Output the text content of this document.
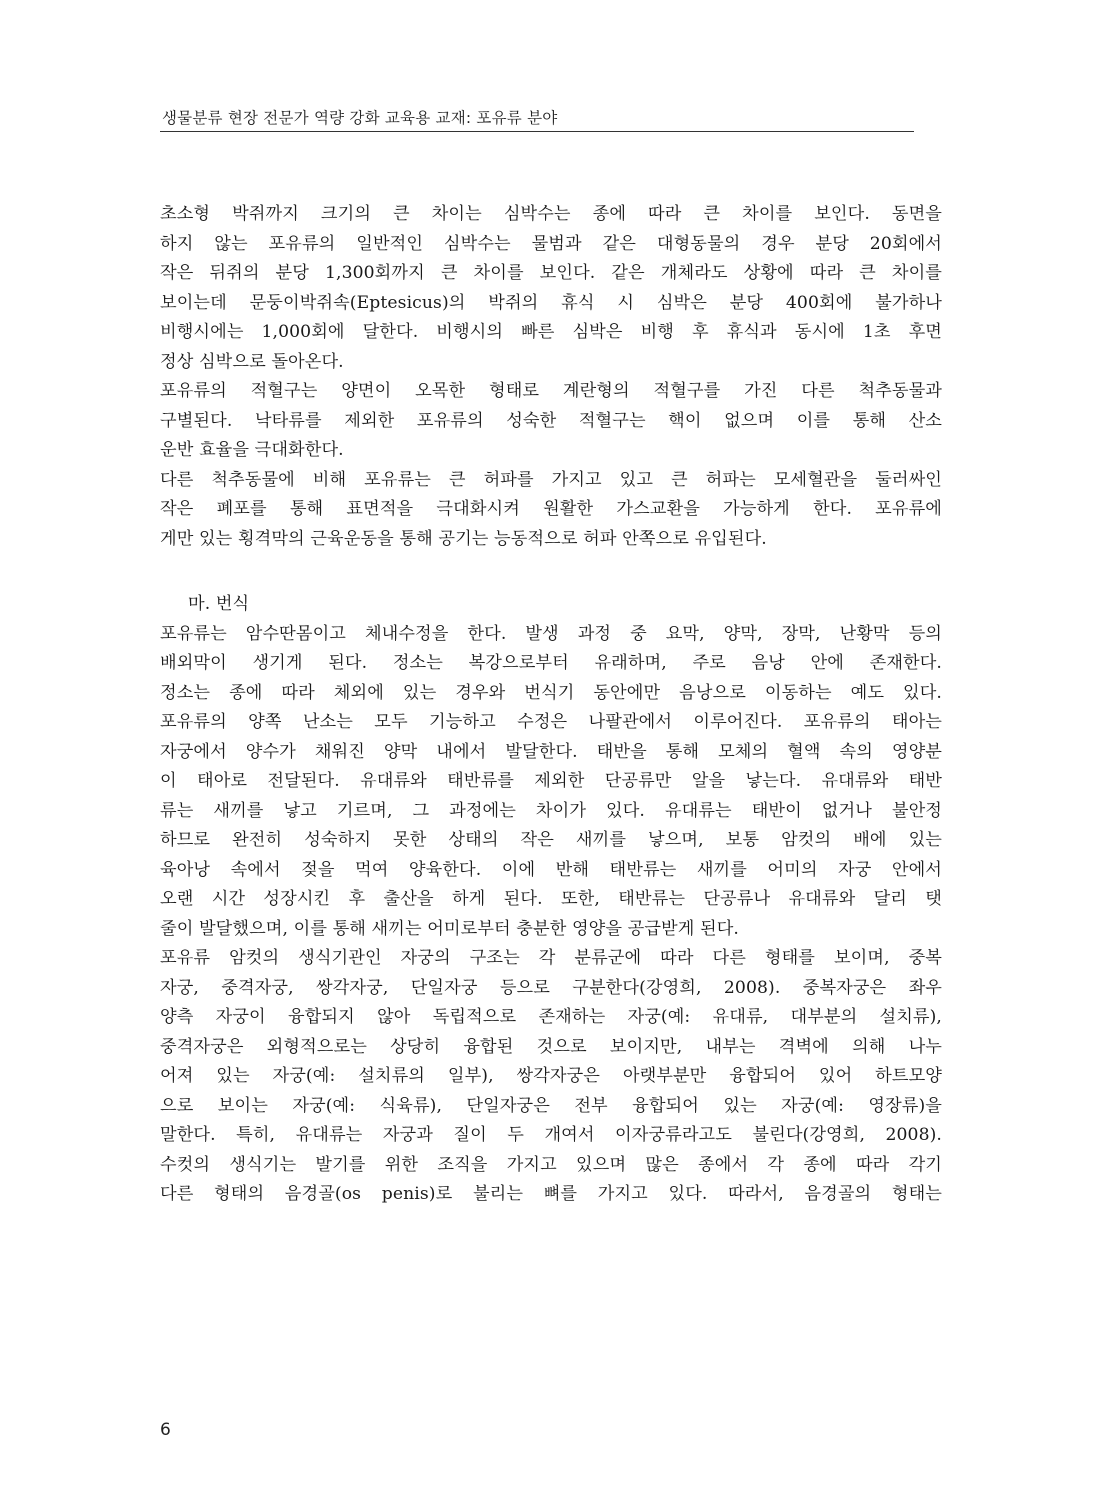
생물분류 현장 전문가 역량 강화 교육용 교재: 포유류 분야
초소형 박쥐까지 크기의 큰 차이는 심박수는 종에 따라 큰 차이를 보인다. 동면을
하지 않는 포유류의 일반적인 심박수는 물범과 같은 대형동물의 경우 분당 20회에서
작은 뒤쥐의 분당 1,300회까지 큰 차이를 보인다. 같은 개체라도 상황에 따라 큰 차이를
보이는데 문둥이박쥐속(Eptesicus)의 박쥐의 휴식 시 심박은 분당 400회에 불가하나
비행시에는 1,000회에 달한다. 비행시의 빠른 심박은 비행 후 휴식과 동시에 1초 후면
정상 심박으로 돌아온다.
포유류의 적혈구는 양면이 오목한 형태로 계란형의 적혈구를 가진 다른 척추동물과
구별된다. 낙타류를 제외한 포유류의 성숙한 적혈구는 핵이 없으며 이를 통해 산소
운반 효율을 극대화한다.
다른 척추동물에 비해 포유류는 큰 허파를 가지고 있고 큰 허파는 모세혈관을 둘러싸인
작은 폐포를 통해 표면적을 극대화시켜 원활한 가스교환을 가능하게 한다. 포유류에
게만 있는 횡격막의 근육운동을 통해 공기는 능동적으로 허파 안쪽으로 유입된다.
마. 번식
포유류는 암수딴몸이고 체내수정을 한다. 발생 과정 중 요막, 양막, 장막, 난황막 등의
배외막이 생기게 된다. 정소는 복강으로부터 유래하며, 주로 음낭 안에 존재한다.
정소는 종에 따라 체외에 있는 경우와 번식기 동안에만 음낭으로 이동하는 예도 있다.
포유류의 양쪽 난소는 모두 기능하고 수정은 나팔관에서 이루어진다. 포유류의 태아는
자궁에서 양수가 채워진 양막 내에서 발달한다. 태반을 통해 모체의 혈액 속의 영양분
이 태아로 전달된다. 유대류와 태반류를 제외한 단공류만 알을 낳는다. 유대류와 태반
류는 새끼를 낳고 기르며, 그 과정에는 차이가 있다. 유대류는 태반이 없거나 불안정
하므로 완전히 성숙하지 못한 상태의 작은 새끼를 낳으며, 보통 암컷의 배에 있는
육아낭 속에서 젖을 먹여 양육한다. 이에 반해 태반류는 새끼를 어미의 자궁 안에서
오랜 시간 성장시킨 후 출산을 하게 된다. 또한, 태반류는 단공류나 유대류와 달리 탯
줄이 발달했으며, 이를 통해 새끼는 어미로부터 충분한 영양을 공급받게 된다.
포유류 암컷의 생식기관인 자궁의 구조는 각 분류군에 따라 다른 형태를 보이며, 중복
자궁, 중격자궁, 쌍각자궁, 단일자궁 등으로 구분한다(강영희, 2008). 중복자궁은 좌우
양측 자궁이 융합되지 않아 독립적으로 존재하는 자궁(예: 유대류, 대부분의 설치류),
중격자궁은 외형적으로는 상당히 융합된 것으로 보이지만, 내부는 격벽에 의해 나누
어져 있는 자궁(예: 설치류의 일부), 쌍각자궁은 아랫부분만 융합되어 있어 하트모양
으로 보이는 자궁(예: 식육류), 단일자궁은 전부 융합되어 있는 자궁(예: 영장류)을
말한다. 특히, 유대류는 자궁과 질이 두 개여서 이자궁류라고도 불린다(강영희, 2008).
수컷의 생식기는 발기를 위한 조직을 가지고 있으며 많은 종에서 각 종에 따라 각기
다른 형태의 음경골(os penis)로 불리는 뼈를 가지고 있다. 따라서, 음경골의 형태는
6
